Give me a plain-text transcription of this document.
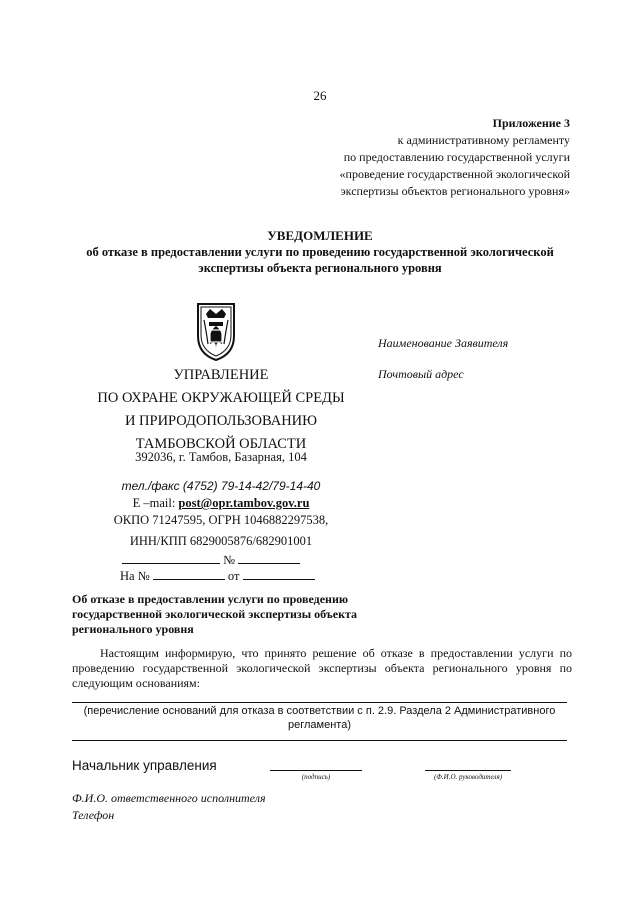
26
Приложение 3
к административному регламенту
по предоставлению государственной услуги
«проведение государственной экологической
экспертизы объектов регионального уровня»
УВЕДОМЛЕНИЕ
об отказе в предоставлении услуги по проведению государственной экологической
экспертизы объекта регионального уровня
УПРАВЛЕНИЕ
ПО ОХРАНЕ ОКРУЖАЮЩЕЙ СРЕДЫ
И ПРИРОДОПОЛЬЗОВАНИЮ
ТАМБОВСКОЙ ОБЛАСТИ
392036, г. Тамбов, Базарная, 104
тел./факс (4752) 79-14-42/79-14-40
E –mail: post@opr.tambov.gov.ru
ОКПО 71247595, ОГРН 1046882297538,
ИНН/КПП 6829005876/682901001
Наименование Заявителя
Почтовый адрес
№
На №	от
Об отказе в предоставлении услуги по проведению
государственной экологической экспертизы объекта
регионального уровня

Настоящим информирую, что принято решение об отказе в предоставлении услуги по проведению государственной экологической экспертизы объекта регионального уровня по следующим основаниям:

(перечисление оснований для отказа в соответствии с п. 2.9. Раздела 2 Административного
регламента)
Начальник управления
(подпись)	(Ф.И.О. руководителя)
Ф.И.О. ответственного исполнителя
Телефон
